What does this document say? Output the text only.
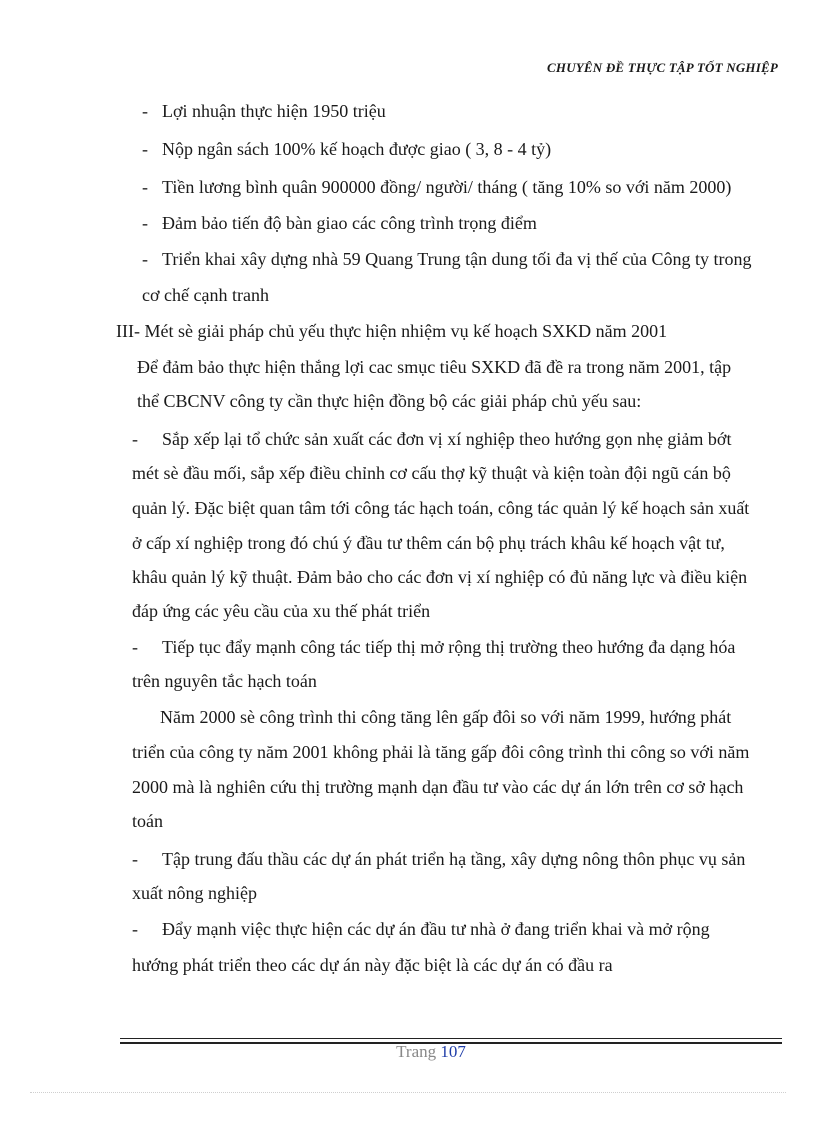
CHUYÊN ĐỀ THỰC TẬP TỐT NGHIỆP
- Lợi nhuận thực hiện 1950 triệu
- Nộp ngân sách 100% kế hoạch được giao ( 3, 8 - 4 tỷ)
- Tiền lương bình quân 900000 đồng/ người/ tháng ( tăng 10% so với năm 2000)
- Đảm bảo tiến độ bàn giao các công trình trọng điểm
- Triển khai xây dựng nhà 59 Quang Trung tận dung tối đa vị thế của Công ty trong
cơ chế cạnh tranh
III- Mét sè giải pháp chủ yếu thực hiện nhiệm vụ kế hoạch SXKD năm 2001
Để đảm bảo thực hiện thắng lợi cac smục tiêu SXKD đã đề ra trong năm 2001, tập
thể CBCNV công ty cần thực hiện đồng bộ các giải pháp chủ yếu sau:
- Sắp xếp lại tổ chức sản xuất các đơn vị xí nghiệp theo hướng gọn nhẹ giảm bớt
mét sè đầu mối, sắp xếp điều chỉnh cơ cấu thợ kỹ thuật và kiện toàn đội ngũ cán bộ
quản lý. Đặc biệt quan tâm tới công tác hạch toán, công tác quản lý kế hoạch sản xuất
ở cấp xí nghiệp trong đó chú ý đầu tư thêm cán bộ phụ trách khâu kế hoạch vật tư,
khâu quản lý kỹ thuật. Đảm bảo cho các đơn vị xí nghiệp có đủ năng lực và điều kiện
đáp ứng các yêu cầu của xu thế phát triển
- Tiếp tục đẩy mạnh công tác tiếp thị mở rộng thị trường theo hướng đa dạng hóa
trên nguyên tắc hạch toán
Năm 2000 sè công trình thi công tăng lên gấp đôi so với năm 1999, hướng phát
triển của công ty năm 2001 không phải là tăng gấp đôi công trình thi công so với năm
2000 mà là nghiên cứu thị trường mạnh dạn đầu tư vào các dự án lớn trên cơ sở hạch
toán
- Tập trung đấu thầu các dự án phát triển hạ tầng, xây dựng nông thôn phục vụ sản
xuất nông nghiệp
- Đẩy mạnh việc thực hiện các dự án đầu tư nhà ở đang triển khai và mở rộng
hướng phát triển theo các dự án này đặc biệt là các dự án có đầu ra
Trang 107
